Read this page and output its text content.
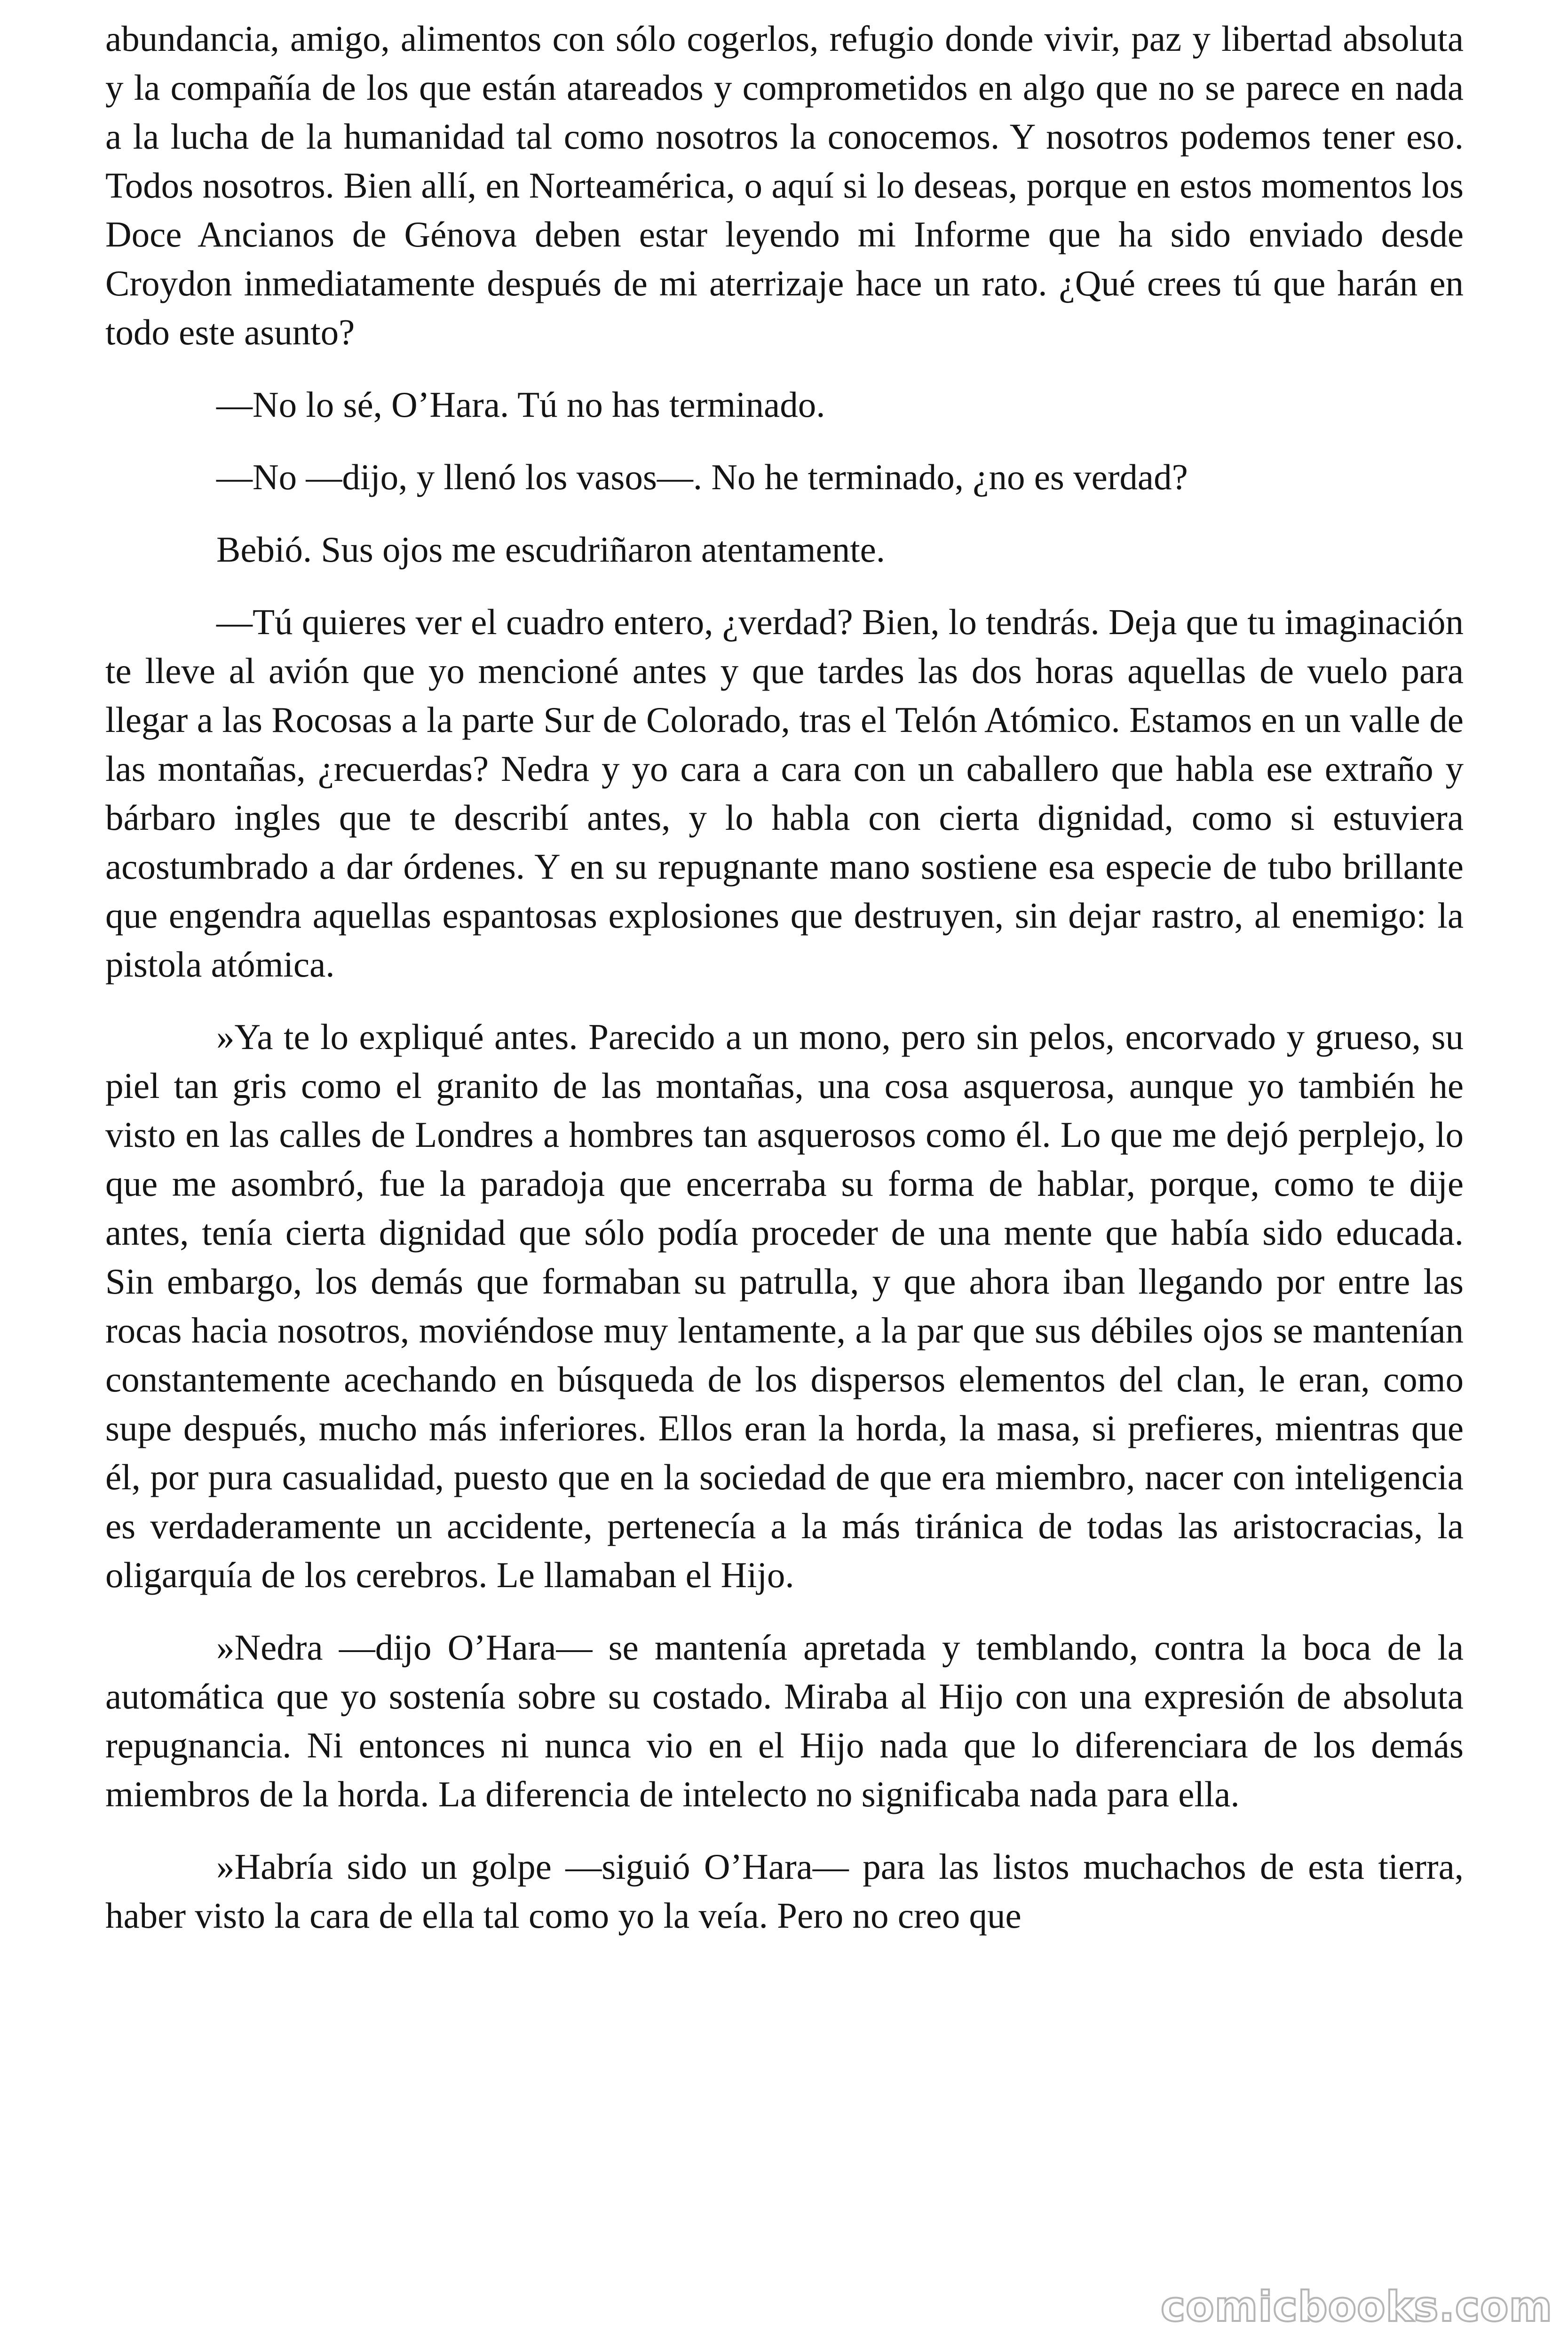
abundancia, amigo, alimentos con sólo cogerlos, refugio donde vivir, paz y libertad absoluta y la compañía de los que están atareados y comprometidos en algo que no se parece en nada a la lucha de la humanidad tal como nosotros la conocemos. Y nosotros podemos tener eso. Todos nosotros. Bien allí, en Norteamérica, o aquí si lo deseas, porque en estos momentos los Doce Ancianos de Génova deben estar leyendo mi Informe que ha sido enviado desde Croydon inmediatamente después de mi aterrizaje hace un rato. ¿Qué crees tú que harán en todo este asunto?

—No lo sé, O’Hara. Tú no has terminado.

—No —dijo, y llenó los vasos—. No he terminado, ¿no es verdad?

Bebió. Sus ojos me escudriñaron atentamente.

—Tú quieres ver el cuadro entero, ¿verdad? Bien, lo tendrás. Deja que tu imaginación te lleve al avión que yo mencioné antes y que tardes las dos horas aquellas de vuelo para llegar a las Rocosas a la parte Sur de Colorado, tras el Telón Atómico. Estamos en un valle de las montañas, ¿recuerdas? Nedra y yo cara a cara con un caballero que habla ese extraño y bárbaro ingles que te describí antes, y lo habla con cierta dignidad, como si estuviera acostumbrado a dar órdenes. Y en su repugnante mano sostiene esa especie de tubo brillante que engendra aquellas espantosas explosiones que destruyen, sin dejar rastro, al enemigo: la pistola atómica.

»Ya te lo expliqué antes. Parecido a un mono, pero sin pelos, encorvado y grueso, su piel tan gris como el granito de las montañas, una cosa asquerosa, aunque yo también he visto en las calles de Londres a hombres tan asquerosos como él. Lo que me dejó perplejo, lo que me asombró, fue la paradoja que encerraba su forma de hablar, porque, como te dije antes, tenía cierta dignidad que sólo podía proceder de una mente que había sido educada. Sin embargo, los demás que formaban su patrulla, y que ahora iban llegando por entre las rocas hacia nosotros, moviéndose muy lentamente, a la par que sus débiles ojos se mantenían constantemente acechando en búsqueda de los dispersos elementos del clan, le eran, como supe después, mucho más inferiores. Ellos eran la horda, la masa, si prefieres, mientras que él, por pura casualidad, puesto que en la sociedad de que era miembro, nacer con inteligencia es verdaderamente un accidente, pertenecía a la más tiránica de todas las aristocracias, la oligarquía de los cerebros. Le llamaban el Hijo.

»Nedra —dijo O’Hara— se mantenía apretada y temblando, contra la boca de la automática que yo sostenía sobre su costado. Miraba al Hijo con una expresión de absoluta repugnancia. Ni entonces ni nunca vio en el Hijo nada que lo diferenciara de los demás miembros de la horda. La diferencia de intelecto no significaba nada para ella.

»Habría sido un golpe —siguió O’Hara— para las listos muchachos de esta tierra, haber visto la cara de ella tal como yo la veía. Pero no creo que

comicbooks.com
